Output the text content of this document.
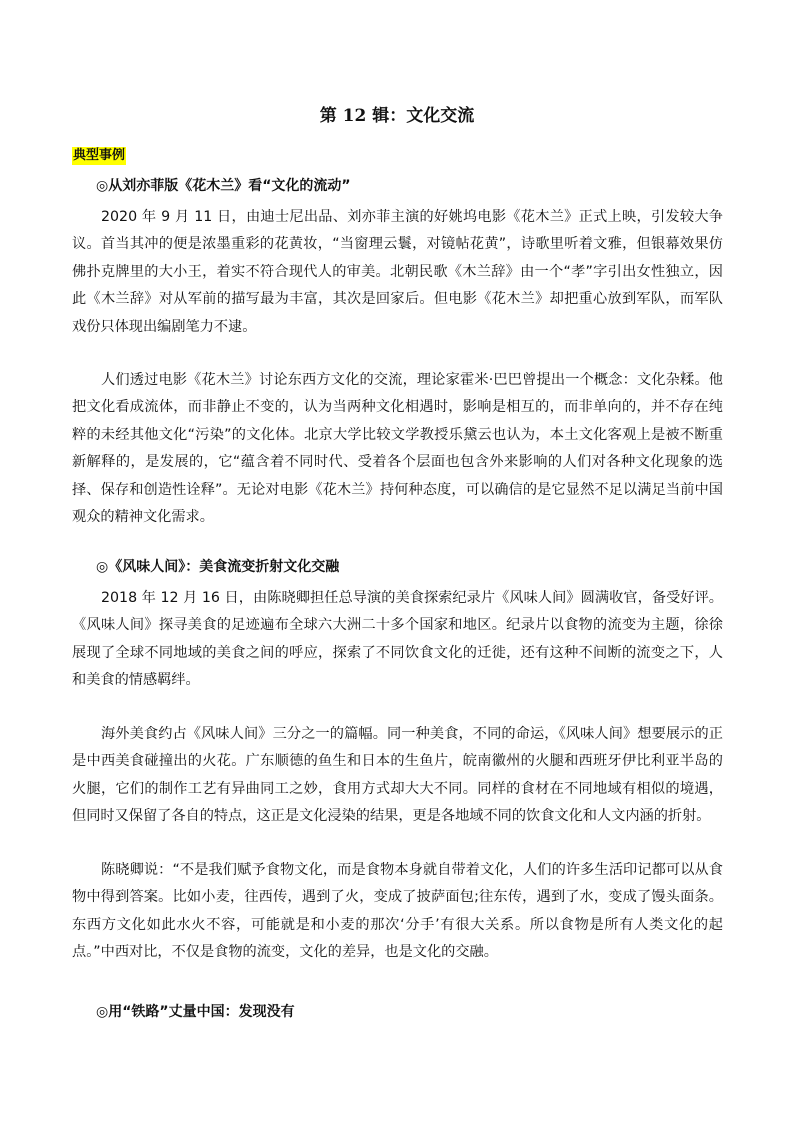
第 12 辑：文化交流
典型事例
◎从刘亦菲版《花木兰》看“文化的流动”

2020 年 9 月 11 日，由迪士尼出品、刘亦菲主演的好姚坞电影《花木兰》正式上映，引发较大争议。首当其冲的便是浓墨重彩的花黄妆，“当窗理云鬟，对镜帖花黄”，诗歌里听着文雅，但银幕效果仿佛扑克牌里的大小王，着实不符合现代人的审美。北朝民歌《木兰辞》由一个“孝”字引出女性独立，因此《木兰辞》对从军前的描写最为丰富，其次是回家后。但电影《花木兰》却把重心放到军队，而军队戏份只体现出编剧笔力不逮。

人们透过电影《花木兰》讨论东西方文化的交流，理论家霍米·巴巴曾提出一个概念：文化杂糅。他把文化看成流体，而非静止不变的，认为当两种文化相遇时，影响是相互的，而非单向的，并不存在纯粹的未经其他文化“污染”的文化体。北京大学比较文学教授乐黛云也认为，本土文化客观上是被不断重新解释的，是发展的，它“蕴含着不同时代、受着各个层面也包含外来影响的人们对各种文化现象的选择、保存和创造性诠释”。无论对电影《花木兰》持何种态度，可以确信的是它显然不足以满足当前中国观众的精神文化需求。

◎《风味人间》：美食流变折射文化交融

2018 年 12 月 16 日，由陈晓卿担任总导演的美食探索纪录片《风味人间》圆满收官，备受好评。《风味人间》探寻美食的足迹遍布全球六大洲二十多个国家和地区。纪录片以食物的流变为主题，徐徐展现了全球不同地域的美食之间的呼应，探索了不同饮食文化的迁徙，还有这种不间断的流变之下，人和美食的情感羁绊。

海外美食约占《风味人间》三分之一的篇幅。同一种美食，不同的命运，《风味人间》想要展示的正是中西美食碰撞出的火花。广东顺德的鱼生和日本的生鱼片，皖南徽州的火腿和西班牙伊比利亚半岛的火腿，它们的制作工艺有异曲同工之妙，食用方式却大大不同。同样的食材在不同地域有相似的境遇，但同时又保留了各自的特点，这正是文化浸染的结果，更是各地域不同的饮食文化和人文内涵的折射。

陈晓卿说：“不是我们赋予食物文化，而是食物本身就自带着文化，人们的许多生活印记都可以从食物中得到答案。比如小麦，往西传，遇到了火，变成了披萨面包;往东传，遇到了水，变成了馒头面条。东西方文化如此水火不容，可能就是和小麦的那次‘分手’有很大关系。所以食物是所有人类文化的起点。”中西对比，不仅是食物的流变，文化的差异，也是文化的交融。

◎用“铁路”丈量中国：发现没有
